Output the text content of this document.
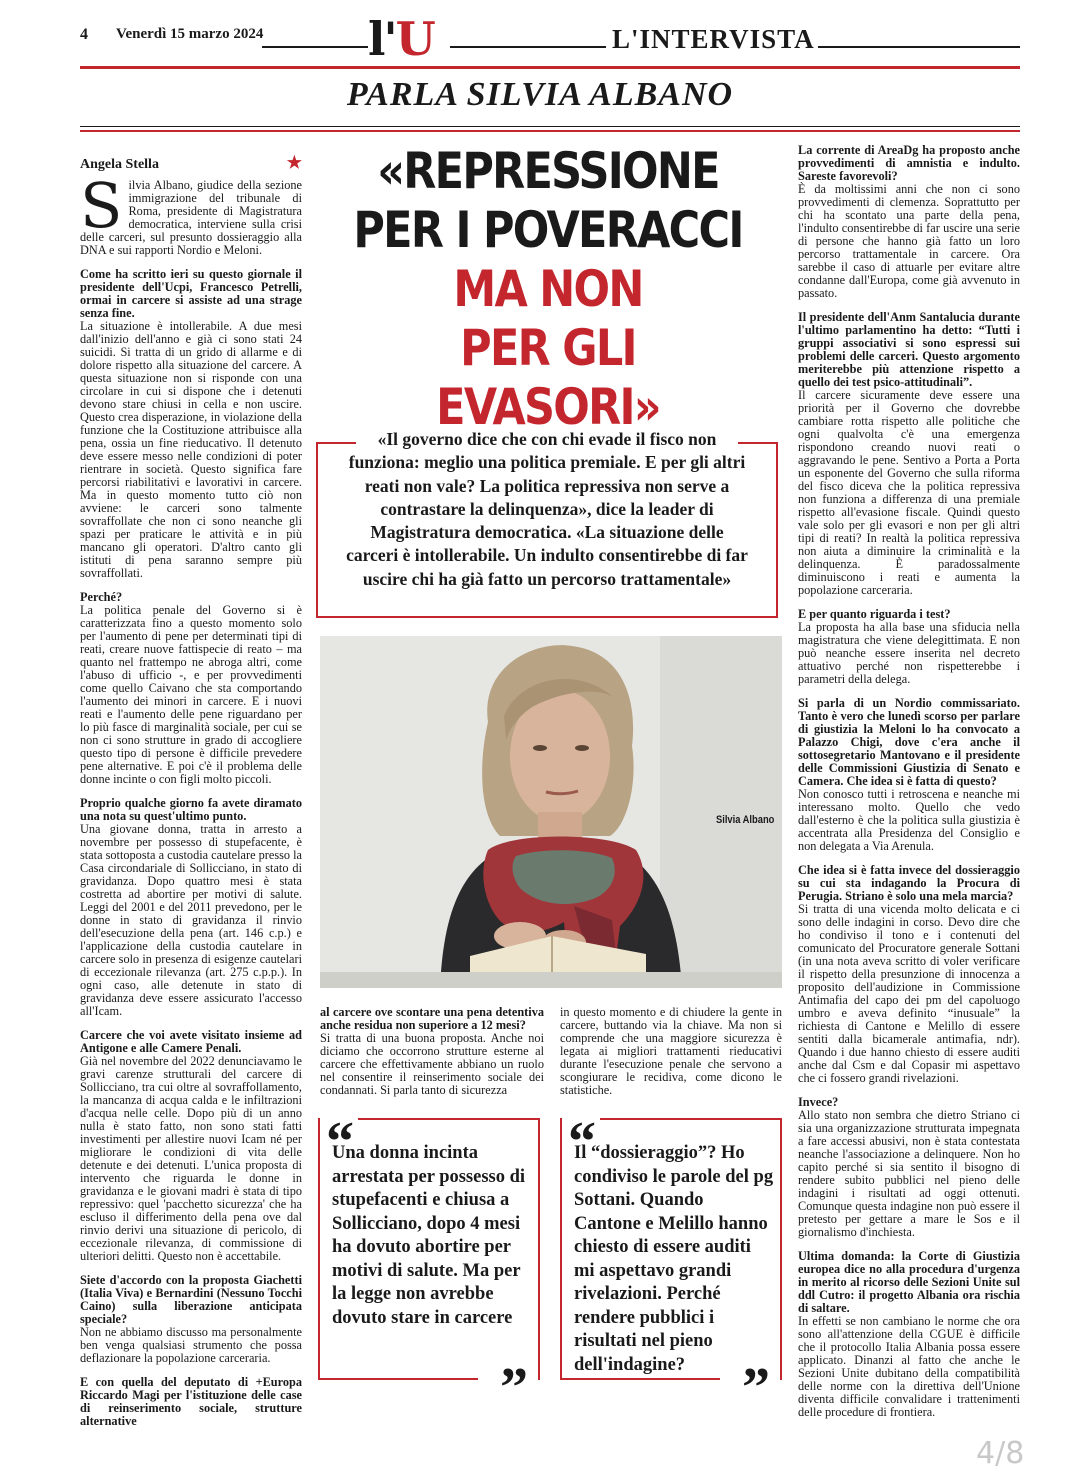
4 Venerdì 15 marzo 2024 l'U	L'INTERVISTA
PARLA SILVIA ALBANO
Angela Stella	★

Silvia Albano, giudice della sezione immigrazione del tribunale di Roma, presidente di Magistratura democratica, interviene sulla crisi delle carceri, sul presunto dossieraggio alla DNA e sui rapporti Nordio e Meloni.

Come ha scritto ieri su questo giornale il presidente dell'Ucpi, Francesco Petrelli, ormai in carcere si assiste ad una strage senza fine.
La situazione è intollerabile. A due mesi dall'inizio dell'anno e già ci sono stati 24 suicidi. Si tratta di un grido di allarme e di dolore rispetto alla situazione del carcere. A questa situazione non si risponde con una circolare in cui si dispone che i detenuti devono stare chiusi in cella e non uscire. Questo crea disperazione, in violazione della funzione che la Costituzione attribuisce alla pena, ossia un fine rieducativo. Il detenuto deve essere messo nelle condizioni di poter rientrare in società. Questo significa fare percorsi riabilitativi e lavorativi in carcere. Ma in questo momento tutto ciò non avviene: le carceri sono talmente sovraffollate che non ci sono neanche gli spazi per praticare le attività e in più mancano gli operatori. D'altro canto gli istituti di pena saranno sempre più sovraffollati.

Perché?
La politica penale del Governo si è caratterizzata fino a questo momento solo per l'aumento di pene per determinati tipi di reati, creare nuove fattispecie di reato – ma quanto nel frattempo ne abroga altri, come l'abuso di ufficio -, e per provvedimenti come quello Caivano che sta comportando l'aumento dei minori in carcere. E i nuovi reati e l'aumento delle pene riguardano per lo più fasce di marginalità sociale, per cui se non ci sono strutture in grado di accogliere questo tipo di persone è difficile prevedere pene alternative. E poi c'è il problema delle donne incinte o con figli molto piccoli.

Proprio qualche giorno fa avete diramato una nota su quest'ultimo punto.
Una giovane donna, tratta in arresto a novembre per possesso di stupefacente, è stata sottoposta a custodia cautelare presso la Casa circondariale di Sollicciano, in stato di gravidanza. Dopo quattro mesi è stata costretta ad abortire per motivi di salute. Leggi del 2001 e del 2011 prevedono, per le donne in stato di gravidanza il rinvio dell'esecuzione della pena (art. 146 c.p.) e l'applicazione della custodia cautelare in carcere solo in presenza di esigenze cautelari di eccezionale rilevanza (art. 275 c.p.p.). In ogni caso, alle detenute in stato di gravidanza deve essere assicurato l'accesso all'Icam.

Carcere che voi avete visitato insieme ad Antigone e alle Camere Penali.
Già nel novembre del 2022 denunciavamo le gravi carenze strutturali del carcere di Sollicciano, tra cui oltre al sovraffollamento, la mancanza di acqua calda e le infiltrazioni d'acqua nelle celle. Dopo più di un anno nulla è stato fatto, non sono stati fatti investimenti per allestire nuovi Icam né per migliorare le condizioni di vita delle detenute e dei detenuti. L'unica proposta di intervento che riguarda le donne in gravidanza e le giovani madri è stata di tipo repressivo: quel 'pacchetto sicurezza' che ha escluso il differimento della pena ove dal rinvio derivi una situazione di pericolo, di eccezionale rilevanza, di commissione di ulteriori delitti. Questo non è accettabile.

Siete d'accordo con la proposta Giachetti (Italia Viva) e Bernardini (Nessuno Tocchi Caino) sulla liberazione anticipata speciale?
Non ne abbiamo discusso ma personalmente ben venga qualsiasi strumento che possa deflazionare la popolazione carceraria.

E con quella del deputato di +Europa Riccardo Magi per l'istituzione delle case di reinserimento sociale, strutture alternative

«REPRESSIONE
PER I POVERACCI
MA NON
PER GLI EVASORI»
«Il governo dice che con chi evade il fisco non funziona: meglio una politica premiale. E per gli altri reati non vale? La politica repressiva non serve a contrastare la delinquenza», dice la leader di Magistratura democratica. «La situazione delle carceri è intollerabile. Un indulto consentirebbe di far uscire chi ha già fatto un percorso trattamentale»
Silvia Albano

al carcere ove scontare una pena detentiva anche residua non superiore a 12 mesi?
Si tratta di una buona proposta. Anche noi diciamo che occorrono strutture esterne al carcere che effettivamente abbiano un ruolo nel consentire il reinserimento sociale dei condannati. Si parla tanto di sicurezza

in questo momento e di chiudere la gente in carcere, buttando via la chiave. Ma non si comprende che una maggiore sicurezza è legata ai migliori trattamenti rieducativi durante l'esecuzione penale che servono a scongiurare le recidiva, come dicono le statistiche.

“
Una donna incinta arrestata per possesso di stupefacenti e chiusa a Sollicciano, dopo 4 mesi ha dovuto abortire per motivi di salute. Ma per la legge non avrebbe dovuto stare in carcere
”
“
Il “dossieraggio”? Ho condiviso le parole del pg Sottani. Quando Cantone e Melillo hanno chiesto di essere auditi mi aspettavo grandi rivelazioni. Perché rendere pubblici i risultati nel pieno dell'indagine?	”

La corrente di AreaDg ha proposto anche provvedimenti di amnistia e indulto. Sareste favorevoli?
È da moltissimi anni che non ci sono provvedimenti di clemenza. Soprattutto per chi ha scontato una parte della pena, l'indulto consentirebbe di far uscire una serie di persone che hanno già fatto un loro percorso trattamentale in carcere. Ora sarebbe il caso di attuarle per evitare altre condanne dall'Europa, come già avvenuto in passato.

Il presidente dell'Anm Santalucia durante l'ultimo parlamentino ha detto: “Tutti i gruppi associativi si sono espressi sui problemi delle carceri. Questo argomento meriterebbe più attenzione rispetto a quello dei test psico-attitudinali”.
Il carcere sicuramente deve essere una priorità per il Governo che dovrebbe cambiare rotta rispetto alle politiche che ogni qualvolta c'è una emergenza rispondono creando nuovi reati o aggravando le pene. Sentivo a Porta a Porta un esponente del Governo che sulla riforma del fisco diceva che la politica repressiva non funziona a differenza di una premiale rispetto all'evasione fiscale. Quindi questo vale solo per gli evasori e non per gli altri tipi di reati? In realtà la politica repressiva non aiuta a diminuire la criminalità e la delinquenza. È paradossalmente diminuiscono i reati e aumenta la popolazione carceraria.

E per quanto riguarda i test?
La proposta ha alla base una sfiducia nella magistratura che viene delegittimata. E non può neanche essere inserita nel decreto attuativo perché non rispetterebbe i parametri della delega.

Si parla di un Nordio commissariato. Tanto è vero che lunedì scorso per parlare di giustizia la Meloni lo ha convocato a Palazzo Chigi, dove c'era anche il sottosegretario Mantovano e il presidente delle Commissioni Giustizia di Senato e Camera. Che idea si è fatta di questo?
Non conosco tutti i retroscena e neanche mi interessano molto. Quello che vedo dall'esterno è che la politica sulla giustizia è accentrata alla Presidenza del Consiglio e non delegata a Via Arenula.

Che idea si è fatta invece del dossieraggio su cui sta indagando la Procura di Perugia. Striano è solo una mela marcia?
Si tratta di una vicenda molto delicata e ci sono delle indagini in corso. Devo dire che ho condiviso il tono e i contenuti del comunicato del Procuratore generale Sottani (in una nota aveva scritto di voler verificare il rispetto della presunzione di innocenza a proposito dell'audizione in Commissione Antimafia del capo dei pm del capoluogo umbro e aveva definito “inusuale” la richiesta di Cantone e Melillo di essere sentiti dalla bicamerale antimafia, ndr). Quando i due hanno chiesto di essere auditi anche dal Csm e dal Copasir mi aspettavo che ci fossero grandi rivelazioni.

Invece?
Allo stato non sembra che dietro Striano ci sia una organizzazione strutturata impegnata a fare accessi abusivi, non è stata contestata neanche l'associazione a delinquere. Non ho capito perché si sia sentito il bisogno di rendere subito pubblici nel pieno delle indagini i risultati ad oggi ottenuti. Comunque questa indagine non può essere il pretesto per gettare a mare le Sos e il giornalismo d'inchiesta.

Ultima domanda: la Corte di Giustizia europea dice no alla procedura d'urgenza in merito al ricorso delle Sezioni Unite sul ddl Cutro: il progetto Albania ora rischia di saltare.
In effetti se non cambiano le norme che ora sono all'attenzione della CGUE è difficile che il protocollo Italia Albania possa essere applicato. Dinanzi al fatto che anche le Sezioni Unite dubitano della compatibilità delle norme con la direttiva dell'Unione diventa difficile convalidare i trattenimenti delle procedure di frontiera.

4/8
